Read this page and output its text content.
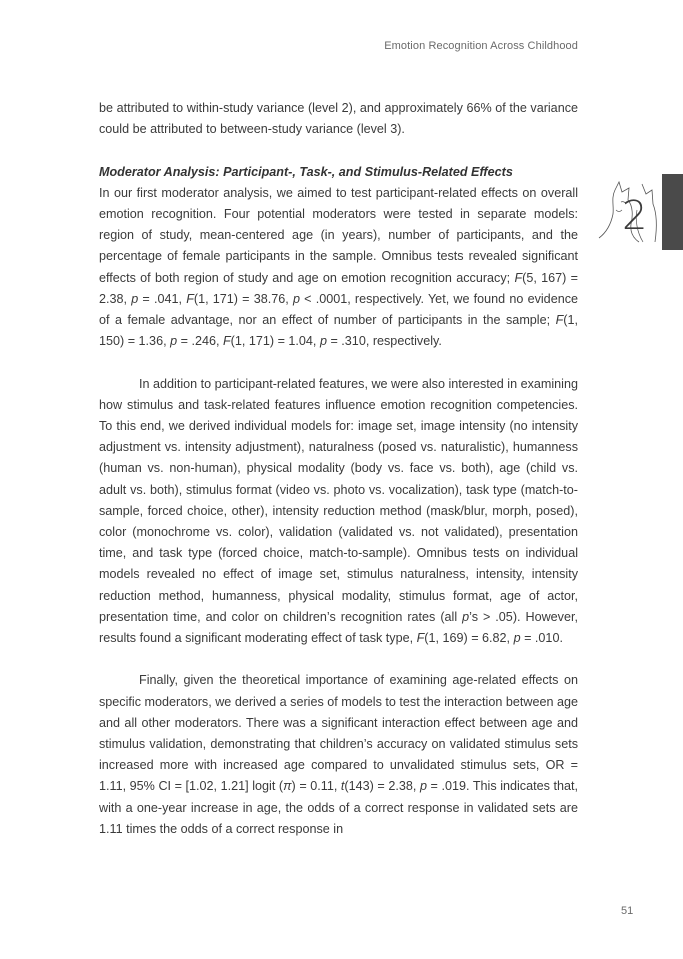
Emotion Recognition Across Childhood
2

be attributed to within-study variance (level 2), and approximately 66% of the variance could be attributed to between-study variance (level 3).

Moderator Analysis: Participant-, Task-, and Stimulus-Related Effects

In our first moderator analysis, we aimed to test participant-related effects on overall emotion recognition. Four potential moderators were tested in separate models: region of study, mean-centered age (in years), number of participants, and the percentage of female participants in the sample. Omnibus tests revealed significant effects of both region of study and age on emotion recognition accuracy; F(5, 167) = 2.38, p = .041, F(1, 171) = 38.76, p < .0001, respectively. Yet, we found no evidence of a female advantage, nor an effect of number of participants in the sample; F(1, 150) = 1.36, p = .246, F(1, 171) = 1.04, p = .310, respectively.

In addition to participant-related features, we were also interested in examining how stimulus and task-related features influence emotion recognition competencies. To this end, we derived individual models for: image set, image intensity (no intensity adjustment vs. intensity adjustment), naturalness (posed vs. naturalistic), humanness (human vs. non-human), physical modality (body vs. face vs. both), age (child vs. adult vs. both), stimulus format (video vs. photo vs. vocalization), task type (match-to-sample, forced choice, other), intensity reduction method (mask/blur, morph, posed), color (monochrome vs. color), validation (validated vs. not validated), presentation time, and task type (forced choice, match-to-sample). Omnibus tests on individual models revealed no effect of image set, stimulus naturalness, intensity, intensity reduction method, humanness, physical modality, stimulus format, age of actor, presentation time, and color on children’s recognition rates (all p’s > .05). However, results found a significant moderating effect of task type, F(1, 169) = 6.82, p = .010.

Finally, given the theoretical importance of examining age-related effects on specific moderators, we derived a series of models to test the interaction between age and all other moderators. There was a significant interaction effect between age and stimulus validation, demonstrating that children’s accuracy on validated stimulus sets increased more with increased age compared to unvalidated stimulus sets, OR = 1.11, 95% CI = [1.02, 1.21] logit (π) = 0.11, t(143) = 2.38, p = .019. This indicates that, with a one-year increase in age, the odds of a correct response in validated sets are 1.11 times the odds of a correct response in

51
